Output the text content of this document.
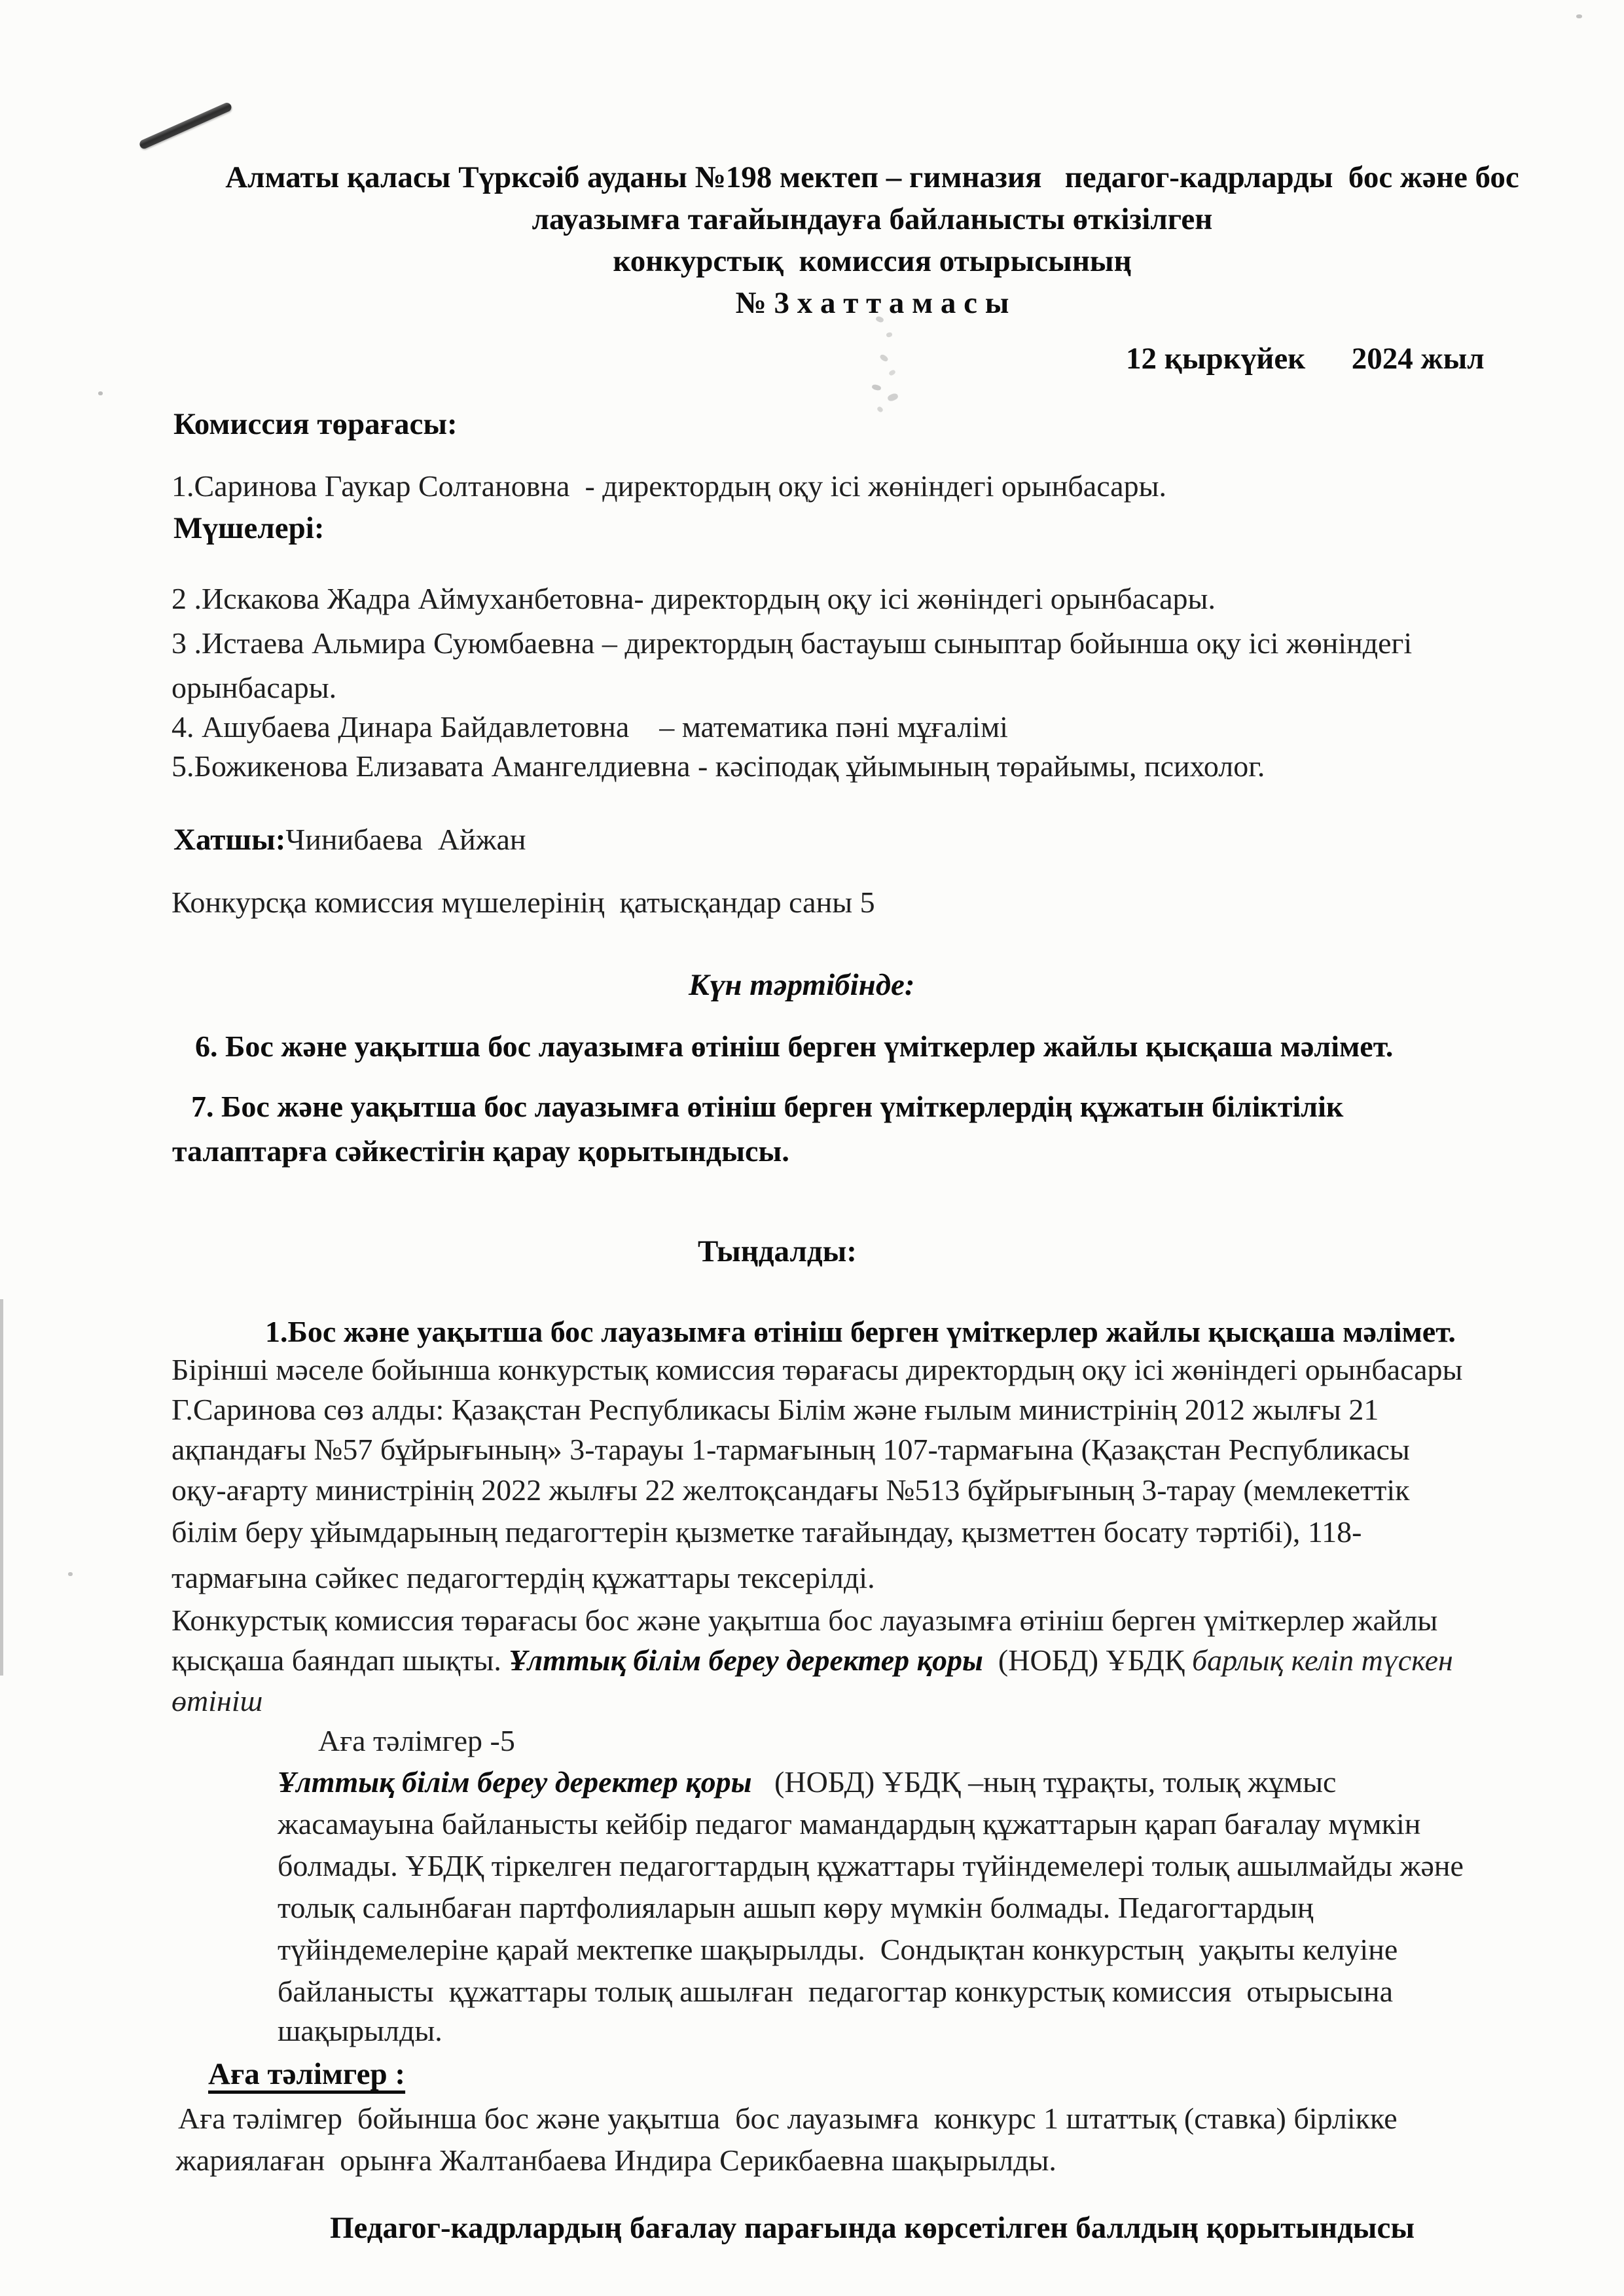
Алматы қаласы Түрксәіб ауданы №198 мектеп – гимназия   педагог-кадрларды  бос және бос
лауазымға тағайындауға байланысты өткізілген
конкурстық  комиссия отырысының
№ 3 х а т т а м а с ы
12 қыркүйек      2024 жыл
Комиссия төрағасы:
1.Саринова Гаукар Солтановна  - директордың оқу ісі жөніндегі орынбасары.
Мүшелері:
2 .Искакова Жадра Аймуханбетовна- директордың оқу ісі жөніндегі орынбасары.
3 .Истаева Альмира Суюмбаевна – директордың бастауыш сыныптар бойынша оқу ісі жөніндегі
орынбасары.
4. Ашубаева Динара Байдавлетовна    – математика пәні мұғалімі
5.Божикенова Елизавата Амангелдиевна - кәсіподақ ұйымының төрайымы, психолог.
Хатшы:Чинибаева  Айжан
Конкурсқа комиссия мүшелерінің  қатысқандар саны 5
Күн тәртібінде:
6. Бос және уақытша бос лауазымға өтініш берген үміткерлер жайлы қысқаша мәлімет.
7. Бос және уақытша бос лауазымға өтініш берген үміткерлердің құжатын біліктілік
талаптарға сәйкестігін қарау қорытындысы.
Тыңдалды:
1.Бос және уақытша бос лауазымға өтініш берген үміткерлер жайлы қысқаша мәлімет.
Бірінші мәселе бойынша конкурстық комиссия төрағасы директордың оқу ісі жөніндегі орынбасары
Г.Саринова сөз алды: Қазақстан Республикасы Білім және ғылым министрінің 2012 жылғы 21
ақпандағы №57 бұйрығының» 3-тарауы 1-тармағының 107-тармағына (Қазақстан Республикасы
оқу-ағарту министрінің 2022 жылғы 22 желтоқсандағы №513 бұйрығының 3-тарау (мемлекеттік
білім беру ұйымдарының педагогтерін қызметке тағайындау, қызметтен босату тәртібі), 118-
тармағына сәйкес педагогтердің құжаттары тексерілді.
Конкурстық комиссия төрағасы бос және уақытша бос лауазымға өтініш берген үміткерлер жайлы
қысқаша баяндап шықты. Ұлттық білім береу деректер қоры  (НОБД) ҰБДҚ барлық келіп түскен
өтініш
Аға тәлімгер -5
Ұлттық білім береу деректер қоры   (НОБД) ҰБДҚ –ның тұрақты, толық жұмыс
жасамауына байланысты кейбір педагог мамандардың құжаттарын қарап бағалау мүмкін
болмады. ҰБДҚ тіркелген педагогтардың құжаттары түйіндемелері толық ашылмайды және
толық салынбаған партфолияларын ашып көру мүмкін болмады. Педагогтардың
түйіндемелеріне қарай мектепке шақырылды.  Сондықтан конкурстың  уақыты келуіне
байланысты  құжаттары толық ашылған  педагогтар конкурстық комиссия  отырысына
шақырылды.
Аға тәлімгер :
Аға тәлімгер  бойынша бос және уақытша  бос лауазымға  конкурс 1 штаттық (ставка) бірлікке
жариялаған  орынға Жалтанбаева Индира Серикбаевна шақырылды.
Педагог-кадрлардың бағалау парағында көрсетілген баллдың қорытындысы
